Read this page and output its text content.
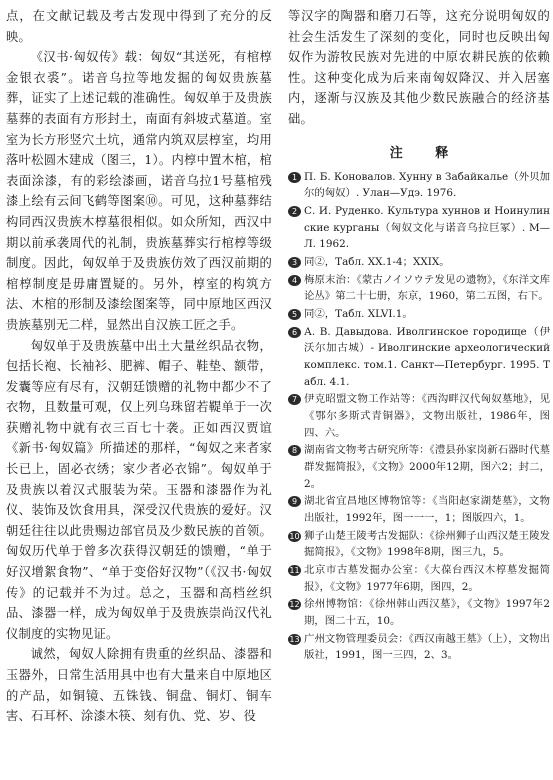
点，在文献记载及考古发现中得到了充分的反映。

《汉书·匈奴传》载：匈奴“其送死，有棺椁金银衣裘”。诺音乌拉等地发掘的匈奴贵族墓葬，证实了上述记载的准确性。匈奴单于及贵族墓葬的表面有方形封土，南面有斜坡式墓道。室室为长方形竖穴土坑，通常内筑双层椁室，均用落叶松圆木建成（图三，1）。内椁中置木棺，棺表面涂漆，有的彩绘漆画，诺音乌拉1号墓棺残漆上绘有云间飞鹤等图案⑩。可见，这种墓葬结构同西汉贵族木椁墓很相似。如众所知，西汉中期以前承袭周代的礼制，贵族墓葬实行棺椁等级制度。因此，匈奴单于及贵族仿效了西汉前期的棺椁制度是毋庸置疑的。另外，椁室的构筑方法、木棺的形制及漆绘图案等，同中原地区西汉贵族墓别无二样，显然出自汉族工匠之手。

匈奴单于及贵族墓中出土大量丝织品衣物，包括长袍、长袖衫、肥裤、帽子、鞋垫、额带，发囊等应有尽有，汉朝廷馈赠的礼物中都少不了衣物，且数量可观，仅上列乌珠留若鞮单于一次获赠礼物中就有衣三百七十袭。正如西汉贾谊《新书·匈奴篇》所描述的那样，“匈奴之来者家长已上，固必衣绣；家少者必衣锦”。匈奴单于及贵族以着汉式服装为荣。玉器和漆器作为礼仪、装饰及饮食用具，深受汉代贵族的爱好。汉朝廷往往以此贵赐边部官员及少数民族的首领。匈奴历代单于曾多次获得汉朝廷的馈赠，“单于好汉增絮食物”、“单于变俗好汉物”（《汉书·匈奴传》的记载并不为过。总之，玉器和高档丝织品、漆器一样，成为匈奴单于及贵族崇尚汉代礼仪制度的实物见证。

诚然，匈奴人除拥有贵重的丝织品、漆器和玉器外，日常生活用具中也有大量来自中原地区的产品，如铜镜、五铢钱、铜盘、铜灯、铜车害、石耳杯、涂漆木筷、刻有仇、党、岁、役

等汉字的陶器和磨刀石等，这充分说明匈奴的社会生活发生了深刻的变化，同时也反映出匈奴作为游牧民族对先进的中原农耕民族的依赖性。这种变化成为后来南匈奴降汉、并入居塞内，逐渐与汉族及其他少数民族融合的经济基础。

注 释
1 П. Б. Коновалов. Хунну в Забайкалье（外贝加尔的匈奴）. Улан—Удэ. 1976.
2 С. И. Руденко. Культура хуннов и Ноинулинские курганы（匈奴文化与诺音乌拉巨冢）. М—Л. 1962.
3 同②，Табл. XX.1-4；XXIX。
4 梅原末治：《蒙古ノイソウテ发见の遗物》，《东洋文库论丛》第二十七册，东京，1960，第二五图，右下。
5 同②，Табл. XLVI.1。
6 А. В. Давыдова. Иволгинское городище（伊沃尔加古城）- Иволгинские археологический комплекс. том.1. Санкт—Петербург. 1995. Табл. 4.1.
7 伊克昭盟文物工作站等：《西沟畔汉代匈奴墓地》，见《鄂尔多斯式青铜器》，文物出版社，1986年，图四、六。
8 湖南省文物考古研究所等：《澧县孙家岗新石器时代墓群发掘简报》，《文物》2000年12期，图六2；封二，2。
9 湖北省宜昌地区博物馆等：《当阳赵家湖楚墓》，文物出版社，1992年，图一一一，1；图版四六，1。
10 狮子山楚王陵考古发掘队：《徐州狮子山西汉楚王陵发掘简报》，《文物》1998年8期，图三九，5。
11 北京市古墓发掘办公室：《大葆台西汉木椁墓发掘简报》，《文物》1977年6期，图四，2。
12 徐州博物馆：《徐州韩山西汉墓》，《文物》1997年2期，图二十五，10。
13 广州文物管理委员会：《西汉南越王墓》（上），文物出版社，1991，图一三四，2、3。
